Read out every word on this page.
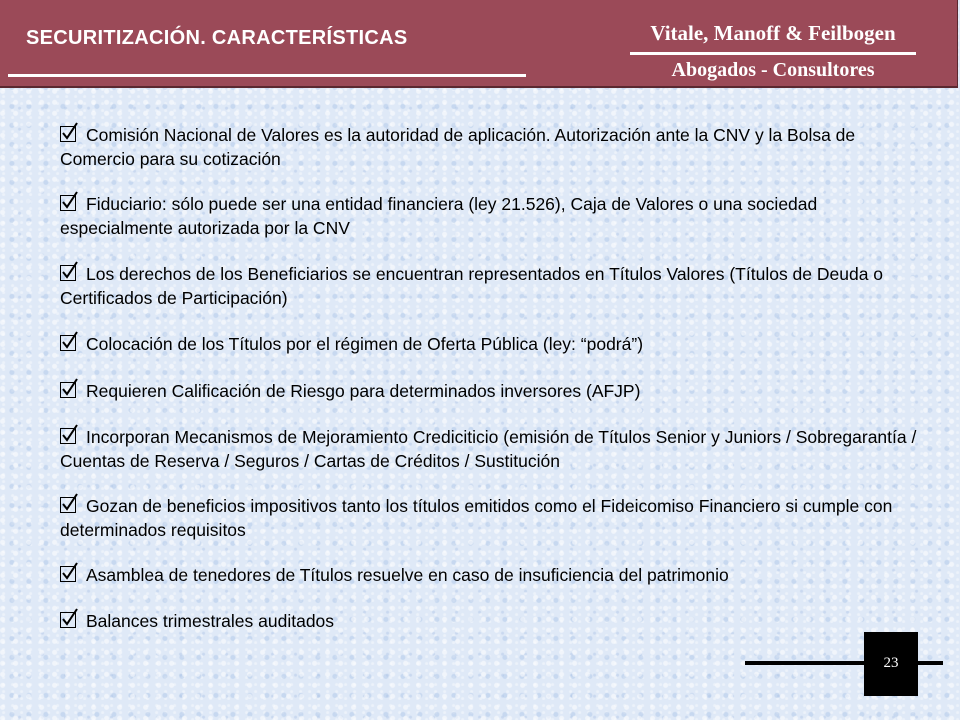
SECURITIZACIÓN. CARACTERÍSTICAS	Vitale, Manoff & Feilbogen
Abogados - Consultores
Comisión Nacional de Valores es la autoridad de aplicación. Autorización ante la CNV y la Bolsa de Comercio para su cotización
Fiduciario: sólo puede ser una entidad financiera (ley 21.526), Caja de Valores o una sociedad especialmente autorizada por la CNV
Los derechos de los Beneficiarios se encuentran representados en Títulos Valores (Títulos de Deuda o Certificados de Participación)
Colocación de los Títulos por el régimen de Oferta Pública (ley: “podrá”)
Requieren Calificación de Riesgo para determinados inversores (AFJP)
Incorporan Mecanismos de Mejoramiento Crediciticio (emisión de Títulos Senior y Juniors / Sobregarantía / Cuentas de Reserva / Seguros / Cartas de Créditos / Sustitución
Gozan de beneficios impositivos tanto los títulos emitidos como el Fideicomiso Financiero si cumple con determinados requisitos
Asamblea de tenedores de Títulos resuelve en caso de insuficiencia del patrimonio
Balances trimestrales auditados
23
